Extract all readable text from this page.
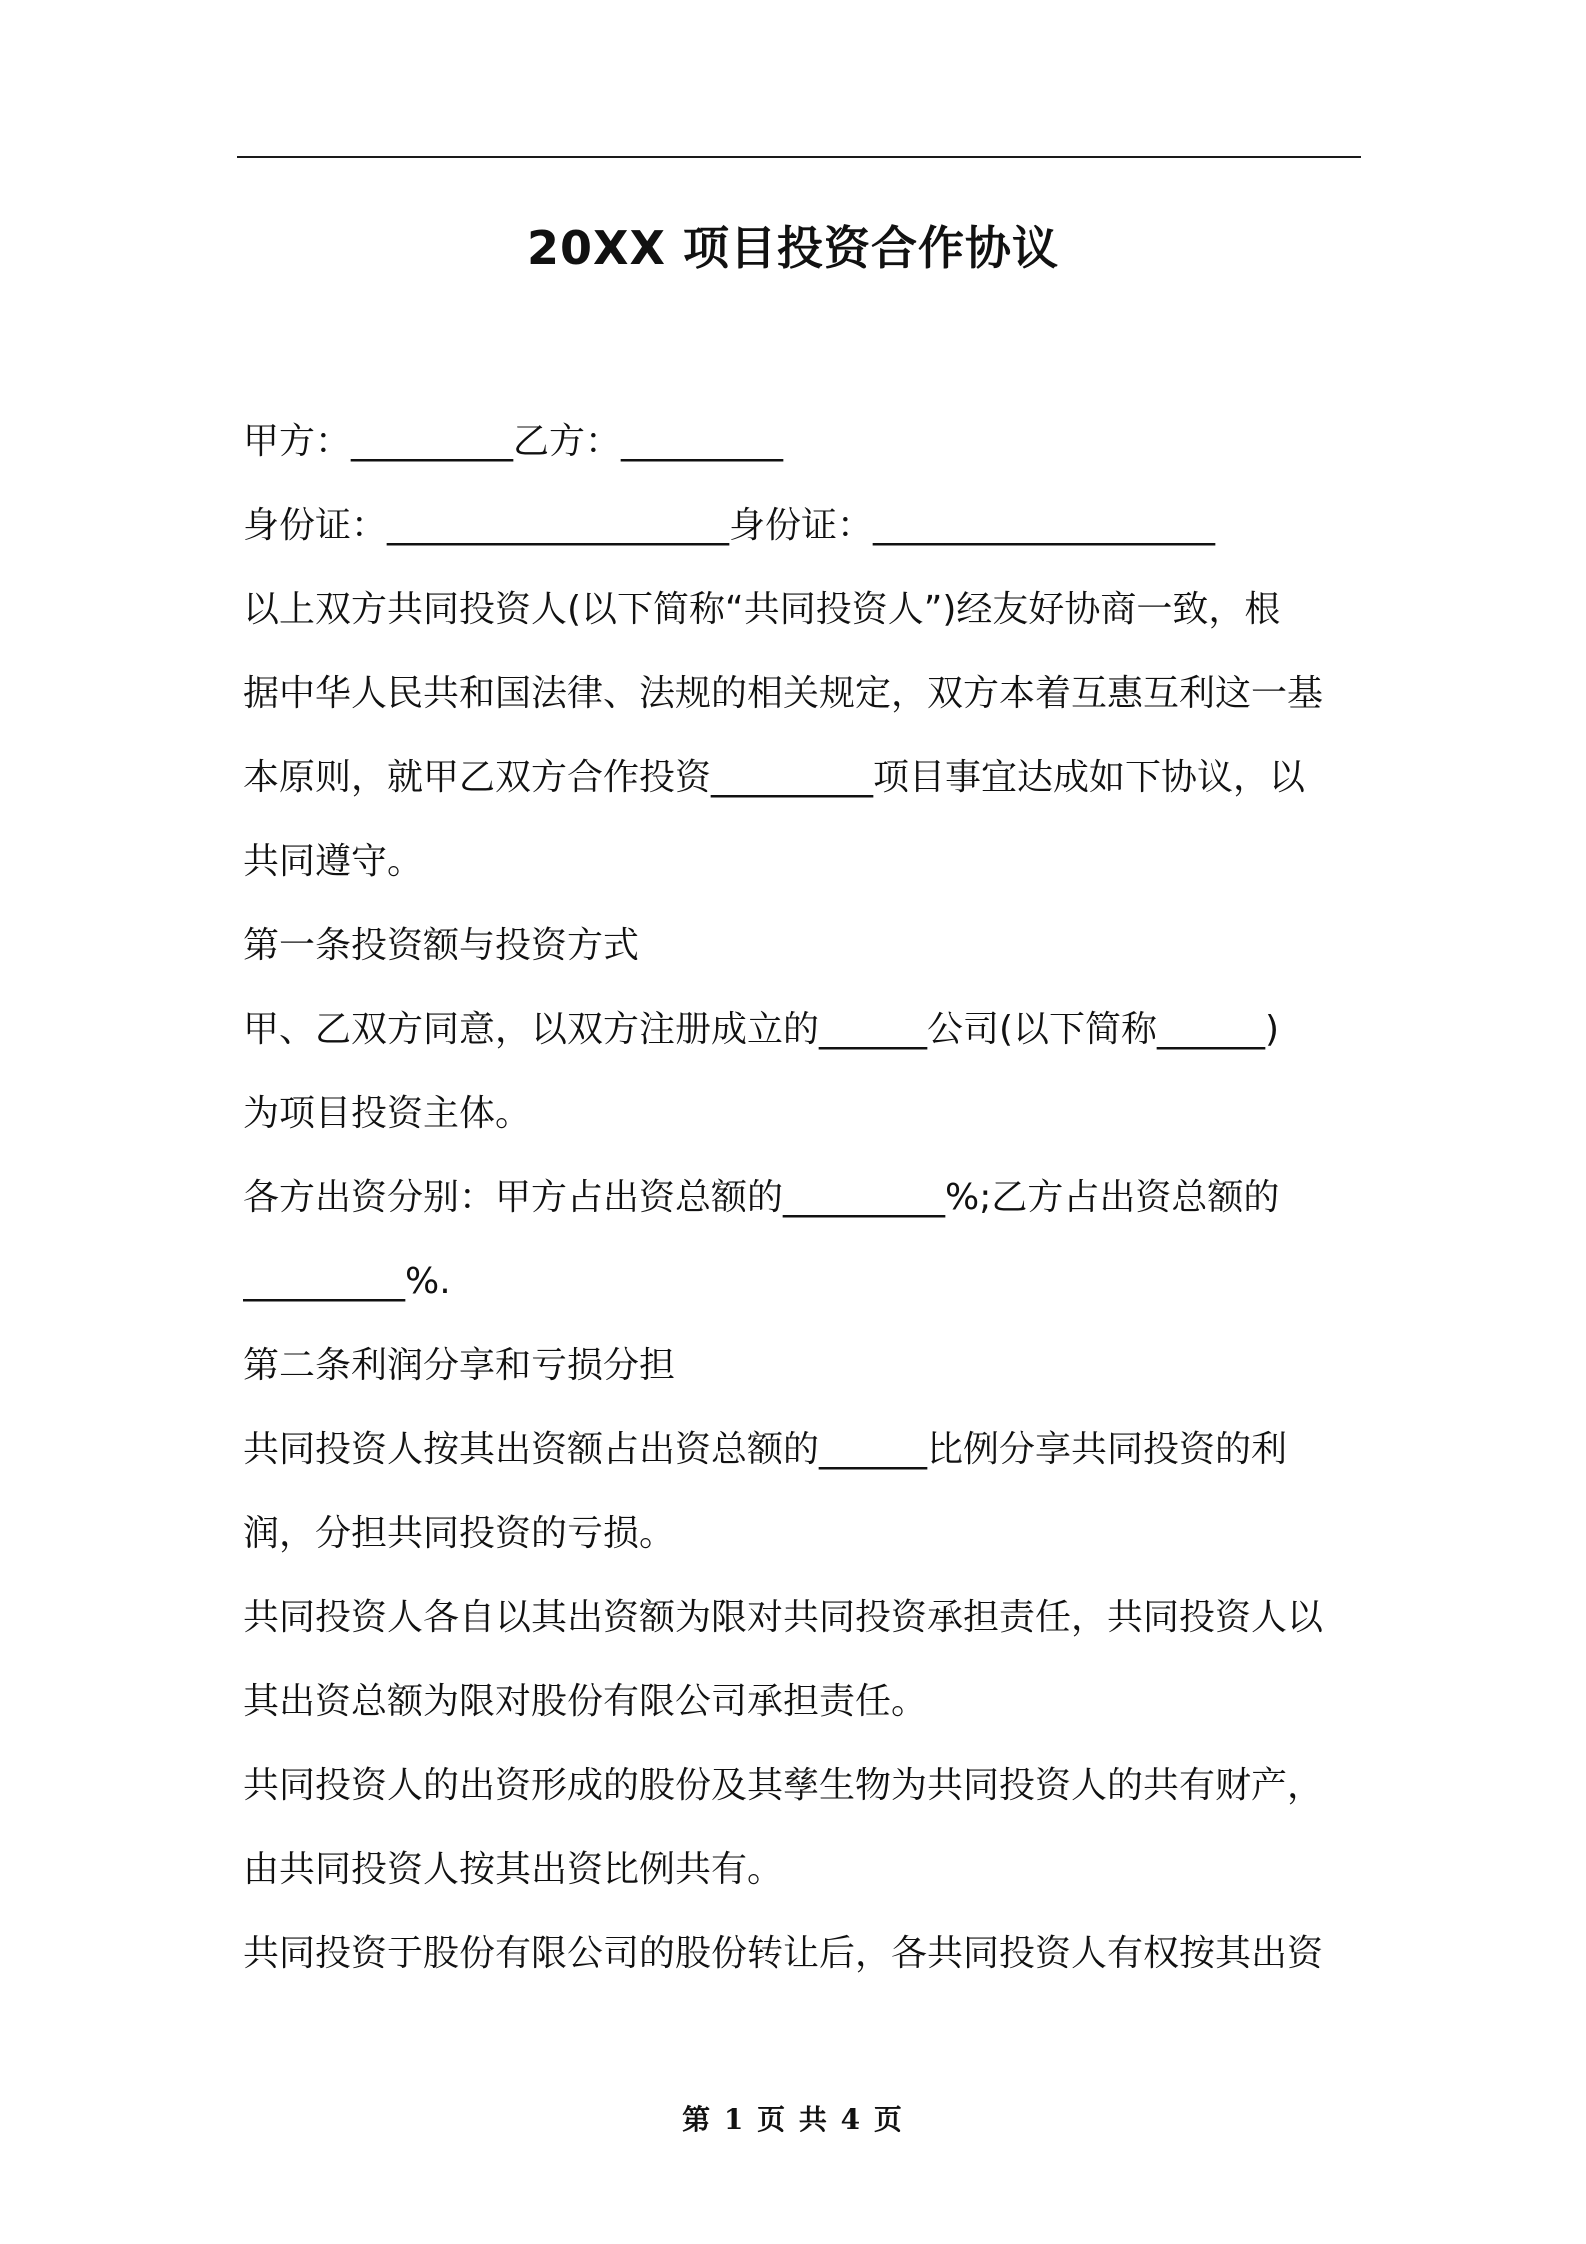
20XX 项目投资合作协议
甲方：_________乙方：_________
身份证：___________________身份证：___________________
以上双方共同投资人(以下简称“共同投资人”)经友好协商一致，根
据中华人民共和国法律、法规的相关规定，双方本着互惠互利这一基
本原则，就甲乙双方合作投资_________项目事宜达成如下协议，以
共同遵守。
第一条投资额与投资方式
甲、乙双方同意，以双方注册成立的______公司(以下简称______)
为项目投资主体。
各方出资分别：甲方占出资总额的_________%;乙方占出资总额的
_________%.
第二条利润分享和亏损分担
共同投资人按其出资额占出资总额的______比例分享共同投资的利
润，分担共同投资的亏损。
共同投资人各自以其出资额为限对共同投资承担责任，共同投资人以
其出资总额为限对股份有限公司承担责任。
共同投资人的出资形成的股份及其孳生物为共同投资人的共有财产，
由共同投资人按其出资比例共有。
共同投资于股份有限公司的股份转让后，各共同投资人有权按其出资
第 1 页 共 4 页
